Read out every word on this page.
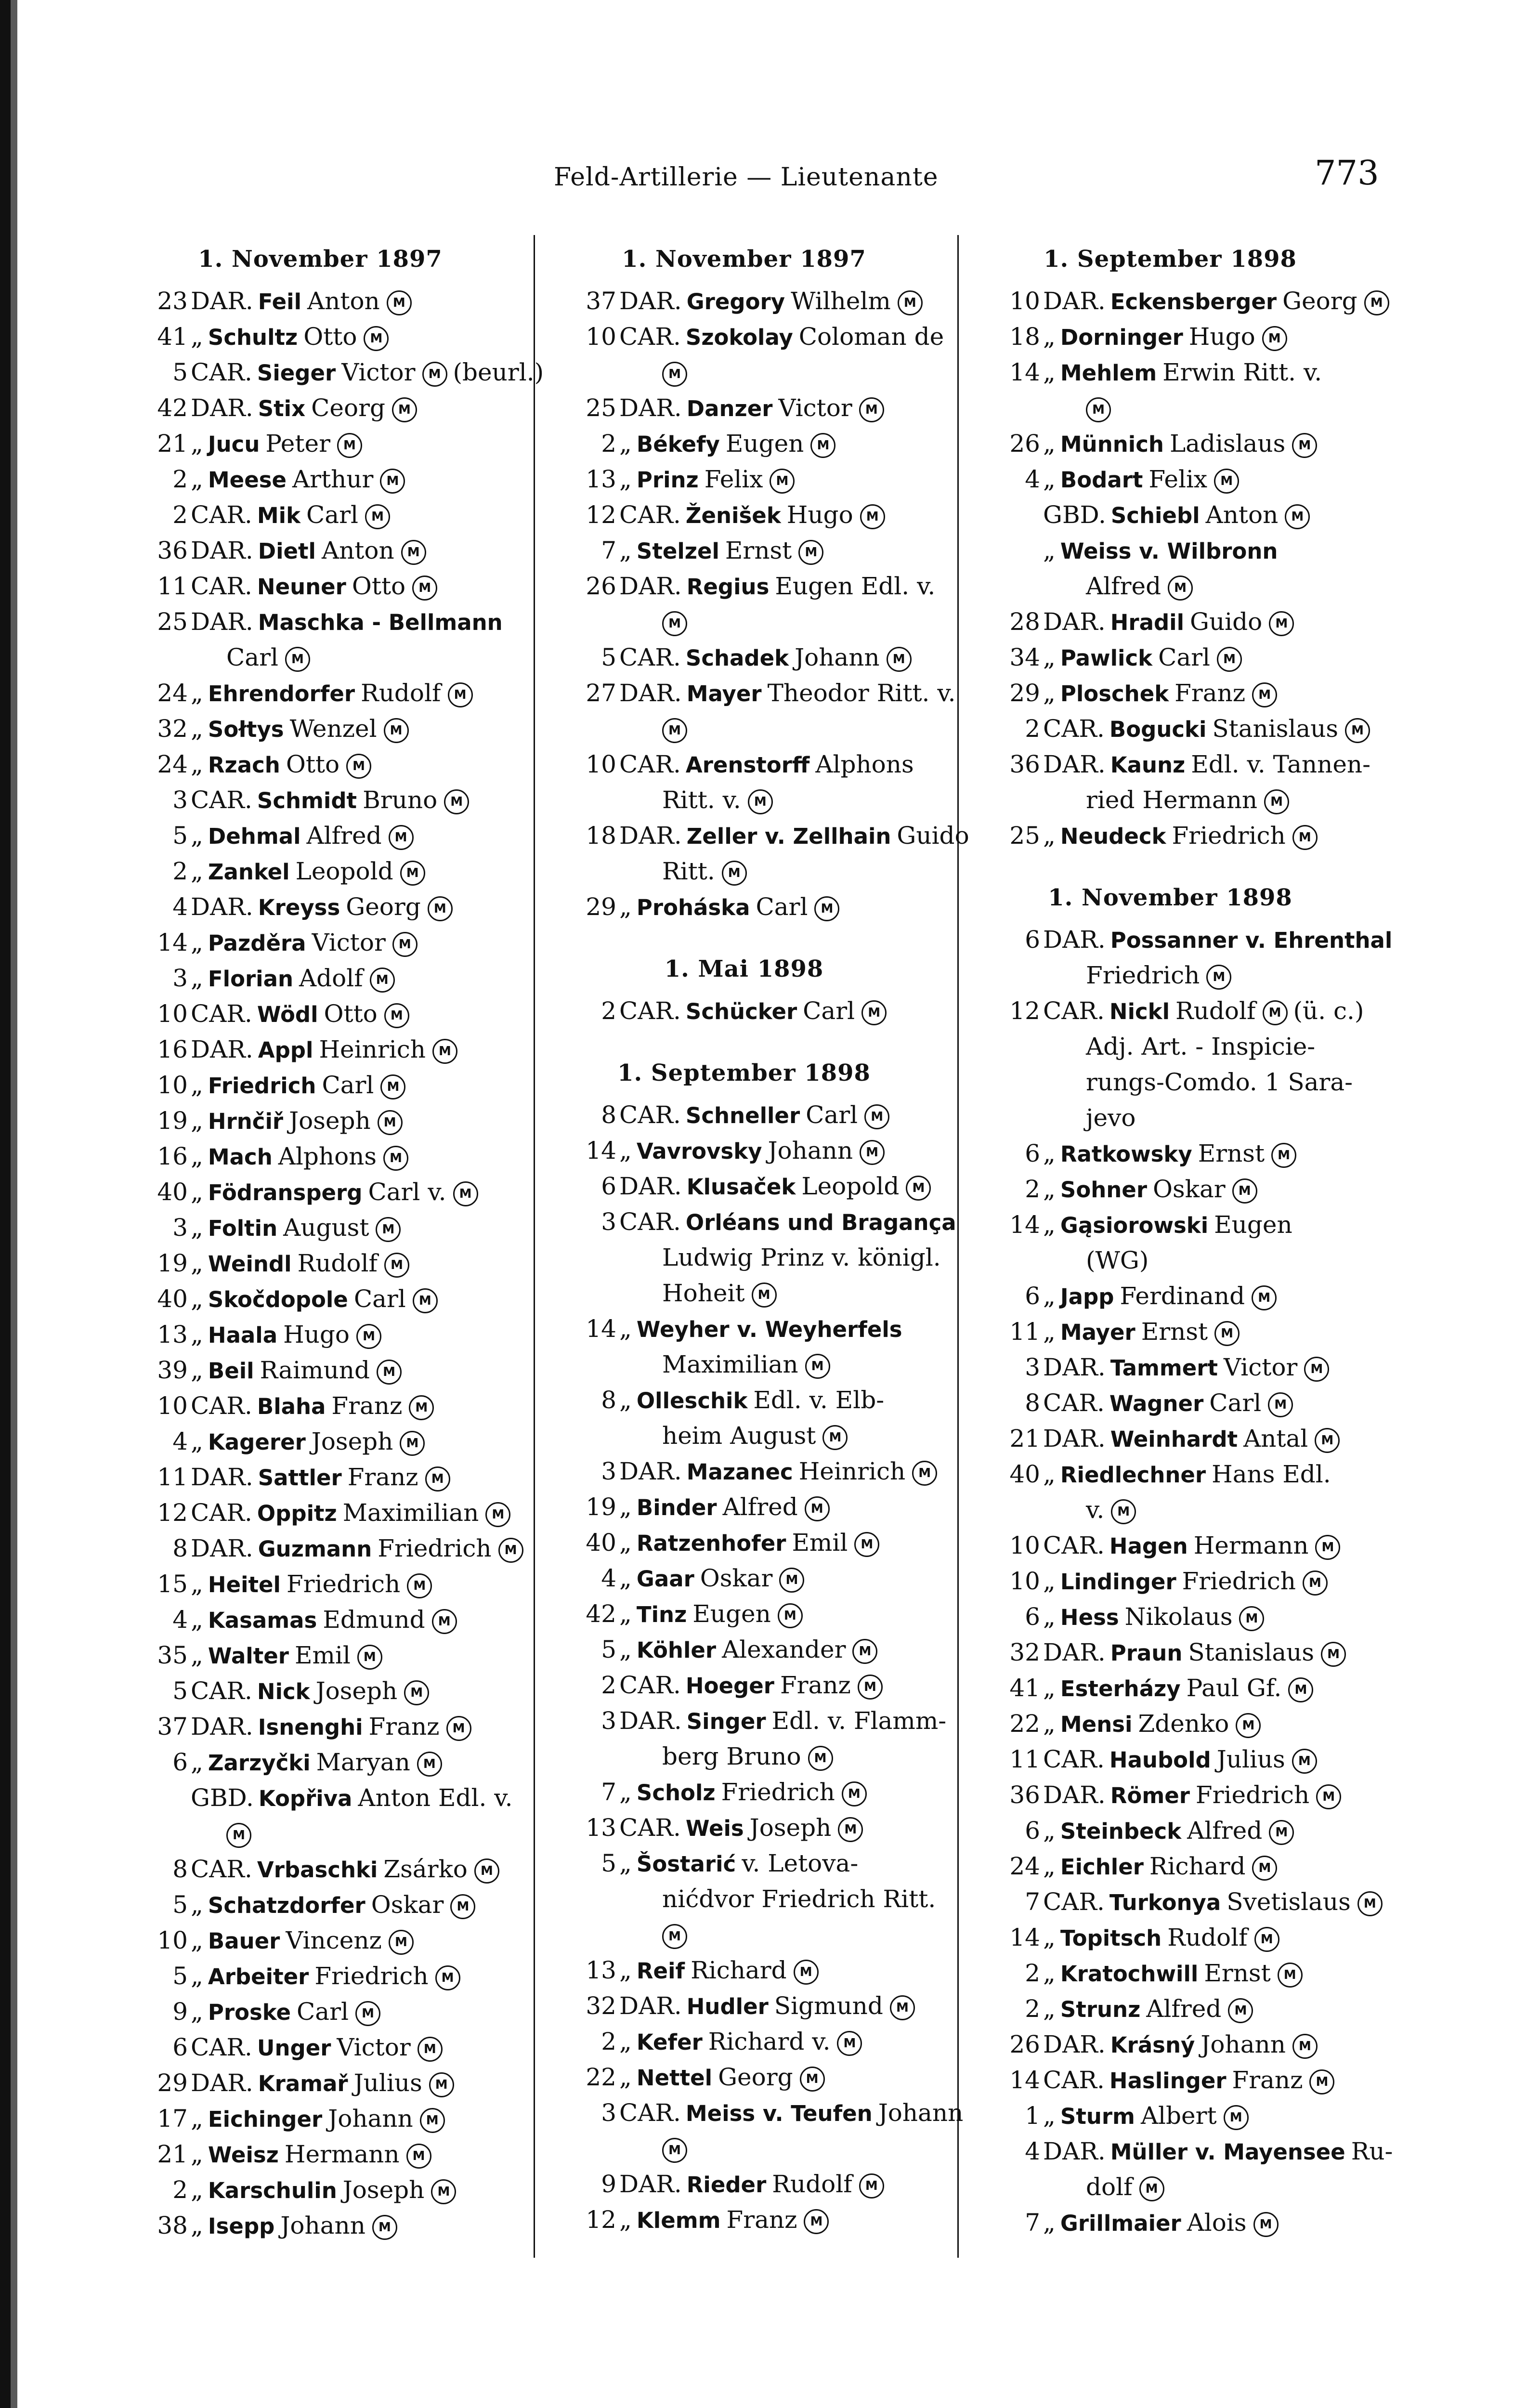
Feld-Artillerie — Lieutenante	773
1. November 1897
23 DAR. Feil Anton M
41 „ Schultz Otto M
5 CAR. Sieger Victor M (beurl.)
42 DAR. Stix Ceorg M
21 „ Jucu Peter M
2 „ Meese Arthur M
2 CAR. Mik Carl M
36 DAR. Dietl Anton M
11 CAR. Neuner Otto M
25 DAR. Maschka - Bellmann
Carl M
24 „ Ehrendorfer Rudolf M
32 „ Sołtys Wenzel M
24 „ Rzach Otto M
3 CAR. Schmidt Bruno M
5 „ Dehmal Alfred M
2 „ Zankel Leopold M
4 DAR. Kreyss Georg M
14 „ Pazděra Victor M
3 „ Florian Adolf M
10 CAR. Wödl Otto M
16 DAR. Appl Heinrich M
10 „ Friedrich Carl M
19 „ Hrnčiř Joseph M
16 „ Mach Alphons M
40 „ Födransperg Carl v. M
3 „ Foltin August M
19 „ Weindl Rudolf M
40 „ Skočdopole Carl M
13 „ Haala Hugo M
39 „ Beil Raimund M
10 CAR. Blaha Franz M
4 „ Kagerer Joseph M
11 DAR. Sattler Franz M
12 CAR. Oppitz Maximilian M
8 DAR. Guzmann Friedrich M
15 „ Heitel Friedrich M
4 „ Kasamas Edmund M
35 „ Walter Emil M
5 CAR. Nick Joseph M
37 DAR. Isnenghi Franz M
6 „ Zarzyčki Maryan M
GBD. Kopřiva Anton Edl. v.
M
8 CAR. Vrbaschki Zsárko M
5 „ Schatzdorfer Oskar M
10 „ Bauer Vincenz M
5 „ Arbeiter Friedrich M
9 „ Proske Carl M
6 CAR. Unger Victor M
29 DAR. Kramař Julius M
17 „ Eichinger Johann M
21 „ Weisz Hermann M
2 „ Karschulin Joseph M
38 „ Isepp Johann M
1. November 1897
37 DAR. Gregory Wilhelm M
10 CAR. Szokolay Coloman de
M
25 DAR. Danzer Victor M
2 „ Békefy Eugen M
13 „ Prinz Felix M
12 CAR. Ženišek Hugo M
7 „ Stelzel Ernst M
26 DAR. Regius Eugen Edl. v.
M
5 CAR. Schadek Johann M
27 DAR. Mayer Theodor Ritt. v.
M
10 CAR. Arenstorff Alphons
Ritt. v. M
18 DAR. Zeller v. Zellhain Guido
Ritt. M
29 „ Proháska Carl M
1. Mai 1898
2 CAR. Schücker Carl M
1. September 1898
8 CAR. Schneller Carl M
14 „ Vavrovsky Johann M
6 DAR. Klusaček Leopold M
3 CAR. Orléans und Bragança
Ludwig Prinz v. königl.
Hoheit M
14 „ Weyher v. Weyherfels
Maximilian M
8 „ Olleschik Edl. v. Elb-
heim August M
3 DAR. Mazanec Heinrich M
19 „ Binder Alfred M
40 „ Ratzenhofer Emil M
4 „ Gaar Oskar M
42 „ Tinz Eugen M
5 „ Köhler Alexander M
2 CAR. Hoeger Franz M
3 DAR. Singer Edl. v. Flamm-
berg Bruno M
7 „ Scholz Friedrich M
13 CAR. Weis Joseph M
5 „ Šostarić v. Letova-
nićdvor Friedrich Ritt.
M
13 „ Reif Richard M
32 DAR. Hudler Sigmund M
2 „ Kefer Richard v. M
22 „ Nettel Georg M
3 CAR. Meiss v. Teufen Johann
M
9 DAR. Rieder Rudolf M
12 „ Klemm Franz M
1. September 1898
10 DAR. Eckensberger Georg M
18 „ Dorninger Hugo M
14 „ Mehlem Erwin Ritt. v.
M
26 „ Münnich Ladislaus M
4 „ Bodart Felix M
GBD. Schiebl Anton M
„ Weiss v. Wilbronn
Alfred M
28 DAR. Hradil Guido M
34 „ Pawlick Carl M
29 „ Ploschek Franz M
2 CAR. Bogucki Stanislaus M
36 DAR. Kaunz Edl. v. Tannen-
ried Hermann M
25 „ Neudeck Friedrich M
1. November 1898
6 DAR. Possanner v. Ehrenthal
Friedrich M
12 CAR. Nickl Rudolf M (ü. c.)
Adj. Art. - Inspicie-
rungs-Comdo. 1 Sara-
jevo
6 „ Ratkowsky Ernst M
2 „ Sohner Oskar M
14 „ Gąsiorowski Eugen
(WG)
6 „ Japp Ferdinand M
11 „ Mayer Ernst M
3 DAR. Tammert Victor M
8 CAR. Wagner Carl M
21 DAR. Weinhardt Antal M
40 „ Riedlechner Hans Edl.
v. M
10 CAR. Hagen Hermann M
10 „ Lindinger Friedrich M
6 „ Hess Nikolaus M
32 DAR. Praun Stanislaus M
41 „ Esterházy Paul Gf. M
22 „ Mensi Zdenko M
11 CAR. Haubold Julius M
36 DAR. Römer Friedrich M
6 „ Steinbeck Alfred M
24 „ Eichler Richard M
7 CAR. Turkonya Svetislaus M
14 „ Topitsch Rudolf M
2 „ Kratochwill Ernst M
2 „ Strunz Alfred M
26 DAR. Krásný Johann M
14 CAR. Haslinger Franz M
1 „ Sturm Albert M
4 DAR. Müller v. Mayensee Ru-
dolf M
7 „ Grillmaier Alois M
